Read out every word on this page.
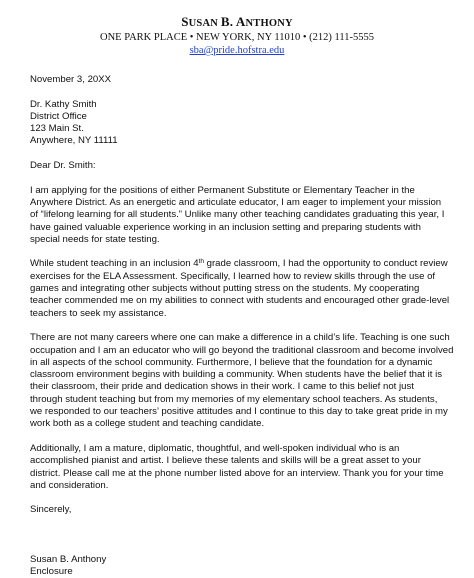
SUSAN B. ANTHONY
ONE PARK PLACE • NEW YORK, NY 11010 • (212) 111-5555
sba@pride.hofstra.edu
November 3, 20XX
Dr. Kathy Smith
District Office
123 Main St.
Anywhere, NY 11111
Dear Dr. Smith:
I am applying for the positions of either Permanent Substitute or Elementary Teacher in the
Anywhere District. As an energetic and articulate educator, I am eager to implement your mission
of “lifelong learning for all students.” Unlike many other teaching candidates graduating this year, I
have gained valuable experience working in an inclusion setting and preparing students with
special needs for state testing.
While student teaching in an inclusion 4th grade classroom, I had the opportunity to conduct review
exercises for the ELA Assessment. Specifically, I learned how to review skills through the use of
games and integrating other subjects without putting stress on the students. My cooperating
teacher commended me on my abilities to connect with students and encouraged other grade-level
teachers to seek my assistance.
There are not many careers where one can make a difference in a child’s life. Teaching is one such
occupation and I am an educator who will go beyond the traditional classroom and become involved
in all aspects of the school community. Furthermore, I believe that the foundation for a dynamic
classroom environment begins with building a community. When students have the belief that it is
their classroom, their pride and dedication shows in their work. I came to this belief not just
through student teaching but from my memories of my elementary school teachers. As students,
we responded to our teachers’ positive attitudes and I continue to this day to take great pride in my
work both as a college student and teaching candidate.
Additionally, I am a mature, diplomatic, thoughtful, and well-spoken individual who is an
accomplished pianist and artist. I believe these talents and skills will be a great asset to your
district. Please call me at the phone number listed above for an interview. Thank you for your time
and consideration.
Sincerely,
Susan B. Anthony
Enclosure
